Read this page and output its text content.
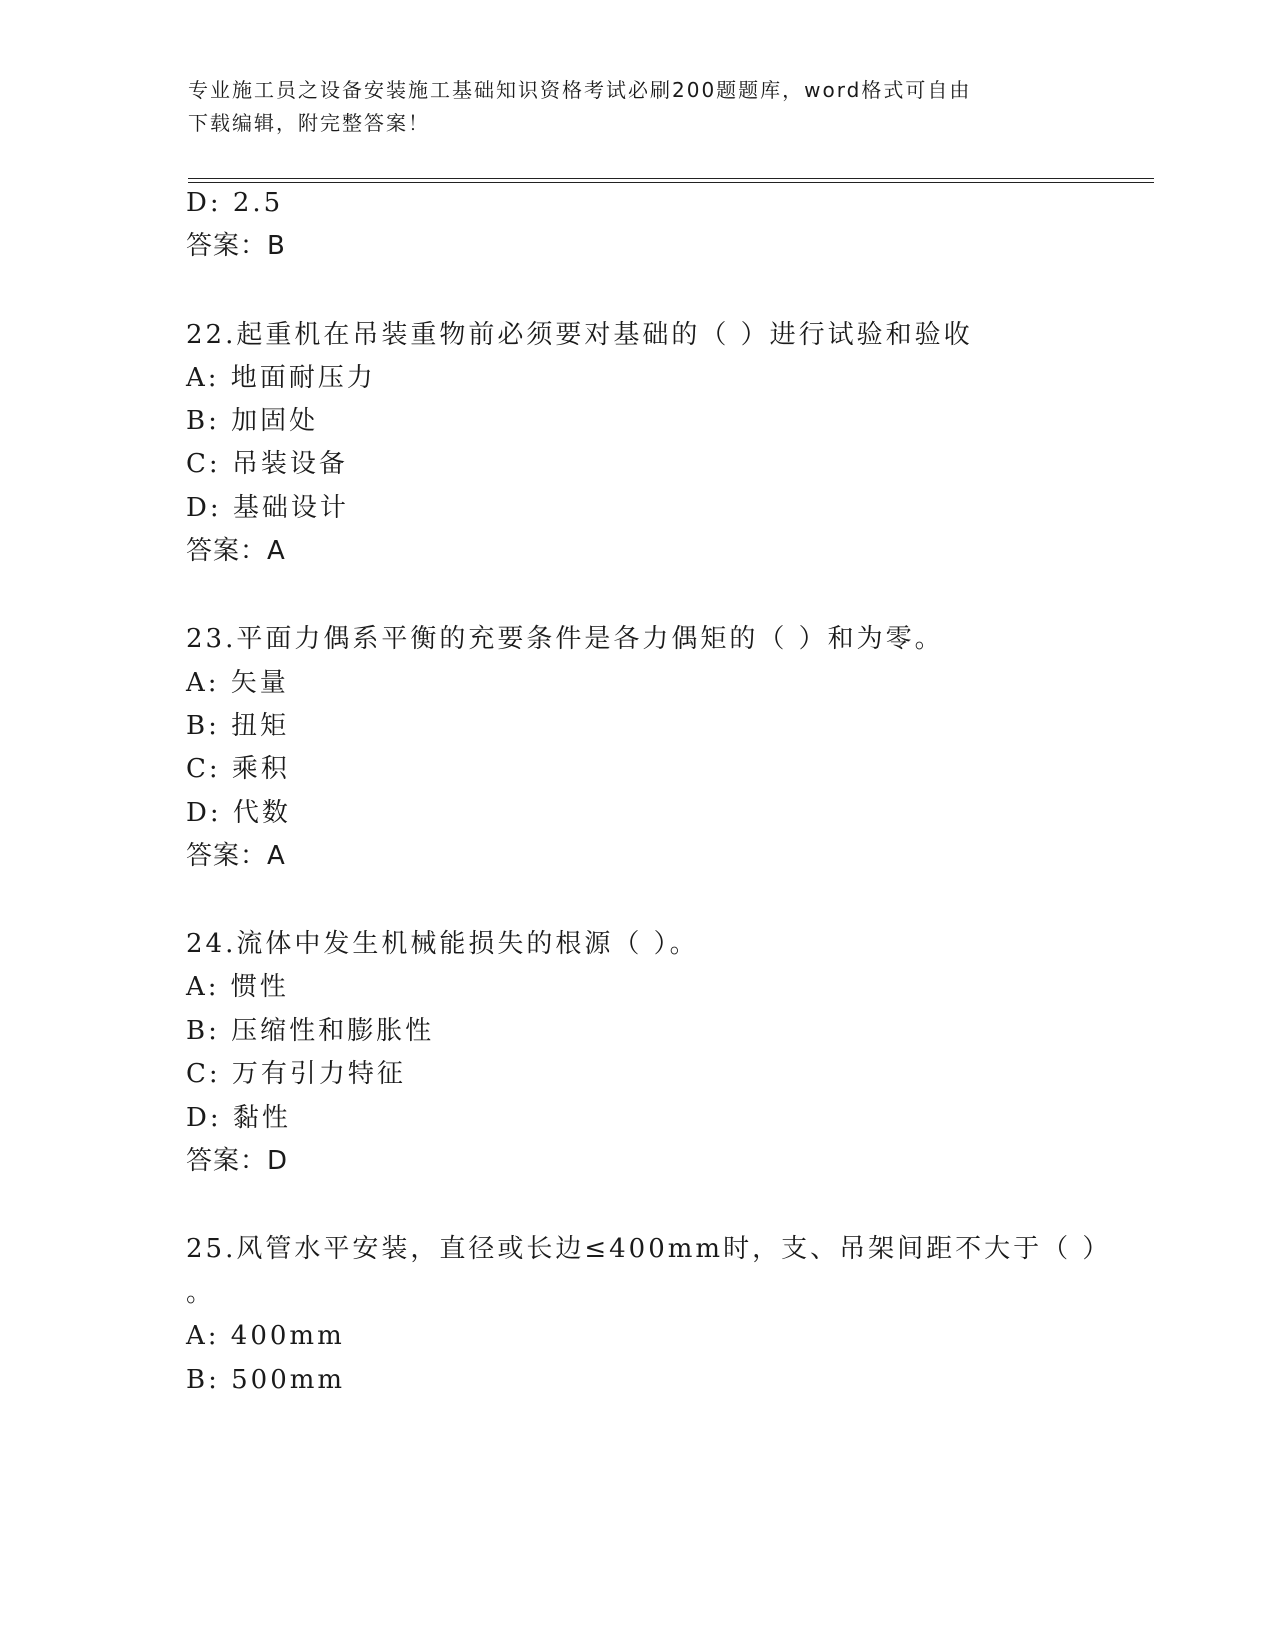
专业施工员之设备安装施工基础知识资格考试必刷200题题库，word格式可自由
下载编辑，附完整答案！
D: 2.5
答案：B
22.起重机在吊装重物前必须要对基础的（ ）进行试验和验收
A: 地面耐压力
B: 加固处
C: 吊装设备
D: 基础设计
答案：A
23.平面力偶系平衡的充要条件是各力偶矩的（ ）和为零。
A: 矢量
B: 扭矩
C: 乘积
D: 代数
答案：A
24.流体中发生机械能损失的根源（ ）。
A: 惯性
B: 压缩性和膨胀性
C: 万有引力特征
D: 黏性
答案：D
25.风管水平安装，直径或长边≤400mm时，支、吊架间距不大于（ ）
。
A: 400mm
B: 500mm
